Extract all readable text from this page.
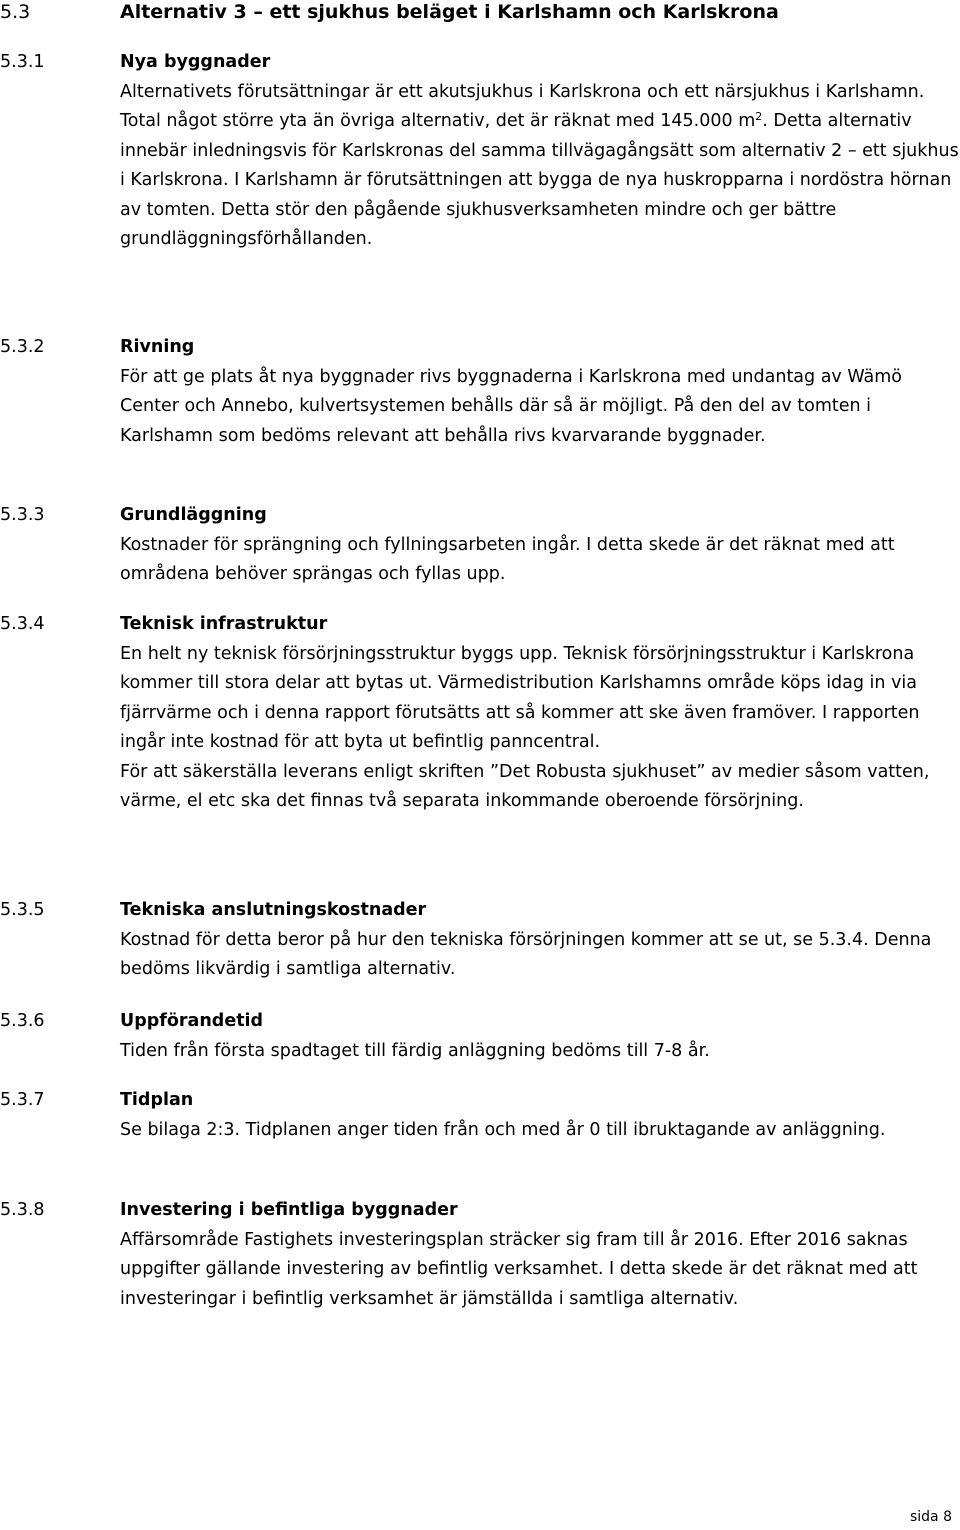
5.3	Alternativ 3 – ett sjukhus beläget i Karlshamn och Karlskrona
5.3.1	Nya byggnader
Alternativets förutsättningar är ett akutsjukhus i Karlskrona och ett närsjukhus i Karlshamn. Total något större yta än övriga alternativ, det är räknat med 145.000 $m^2$. Detta alternativ innebär inledningsvis för Karlskronas del samma tillvägagångsätt som alternativ 2 – ett sjukhus i Karlskrona. I Karlshamn är förutsättningen att bygga de nya huskropparna i nordöstra hörnan av tomten. Detta stör den pågående sjukhusverksamheten mindre och ger bättre grundläggningsförhållanden.
5.3.2	Rivning

För att ge plats åt nya byggnader rivs byggnaderna i Karlskrona med undantag av Wämö Center och Annebo, kulvertsystemen behålls där så är möjligt. På den del av tomten i Karlshamn som bedöms relevant att behålla rivs kvarvarande byggnader.

5.3.3	Grundläggning

Kostnader för sprängning och fyllningsarbeten ingår. I detta skede är det räknat med att områdena behöver sprängas och fyllas upp.

5.3.4	Teknisk infrastruktur

En helt ny teknisk försörjningsstruktur byggs upp. Teknisk försörjningsstruktur i Karlskrona kommer till stora delar att bytas ut. Värmedistribution Karlshamns område köps idag in via fjärrvärme och i denna rapport förutsätts att så kommer att ske även framöver. I rapporten ingår inte kostnad för att byta ut befintlig panncentral.

För att säkerställa leverans enligt skriften ”Det Robusta sjukhuset” av medier såsom vatten, värme, el etc ska det finnas två separata inkommande oberoende försörjning.

5.3.5	Tekniska anslutningskostnader

Kostnad för detta beror på hur den tekniska försörjningen kommer att se ut, se 5.3.4. Denna bedöms likvärdig i samtliga alternativ.

5.3.6	Uppförandetid

Tiden från första spadtaget till färdig anläggning bedöms till 7-8 år.

5.3.7	Tidplan

Se bilaga 2:3. Tidplanen anger tiden från och med år 0 till ibruktagande av anläggning.

5.3.8	Investering i befintliga byggnader

Affärsområde Fastighets investeringsplan sträcker sig fram till år 2016. Efter 2016 saknas uppgifter gällande investering av befintlig verksamhet. I detta skede är det räknat med att investeringar i befintlig verksamhet är jämställda i samtliga alternativ.

sida 8
